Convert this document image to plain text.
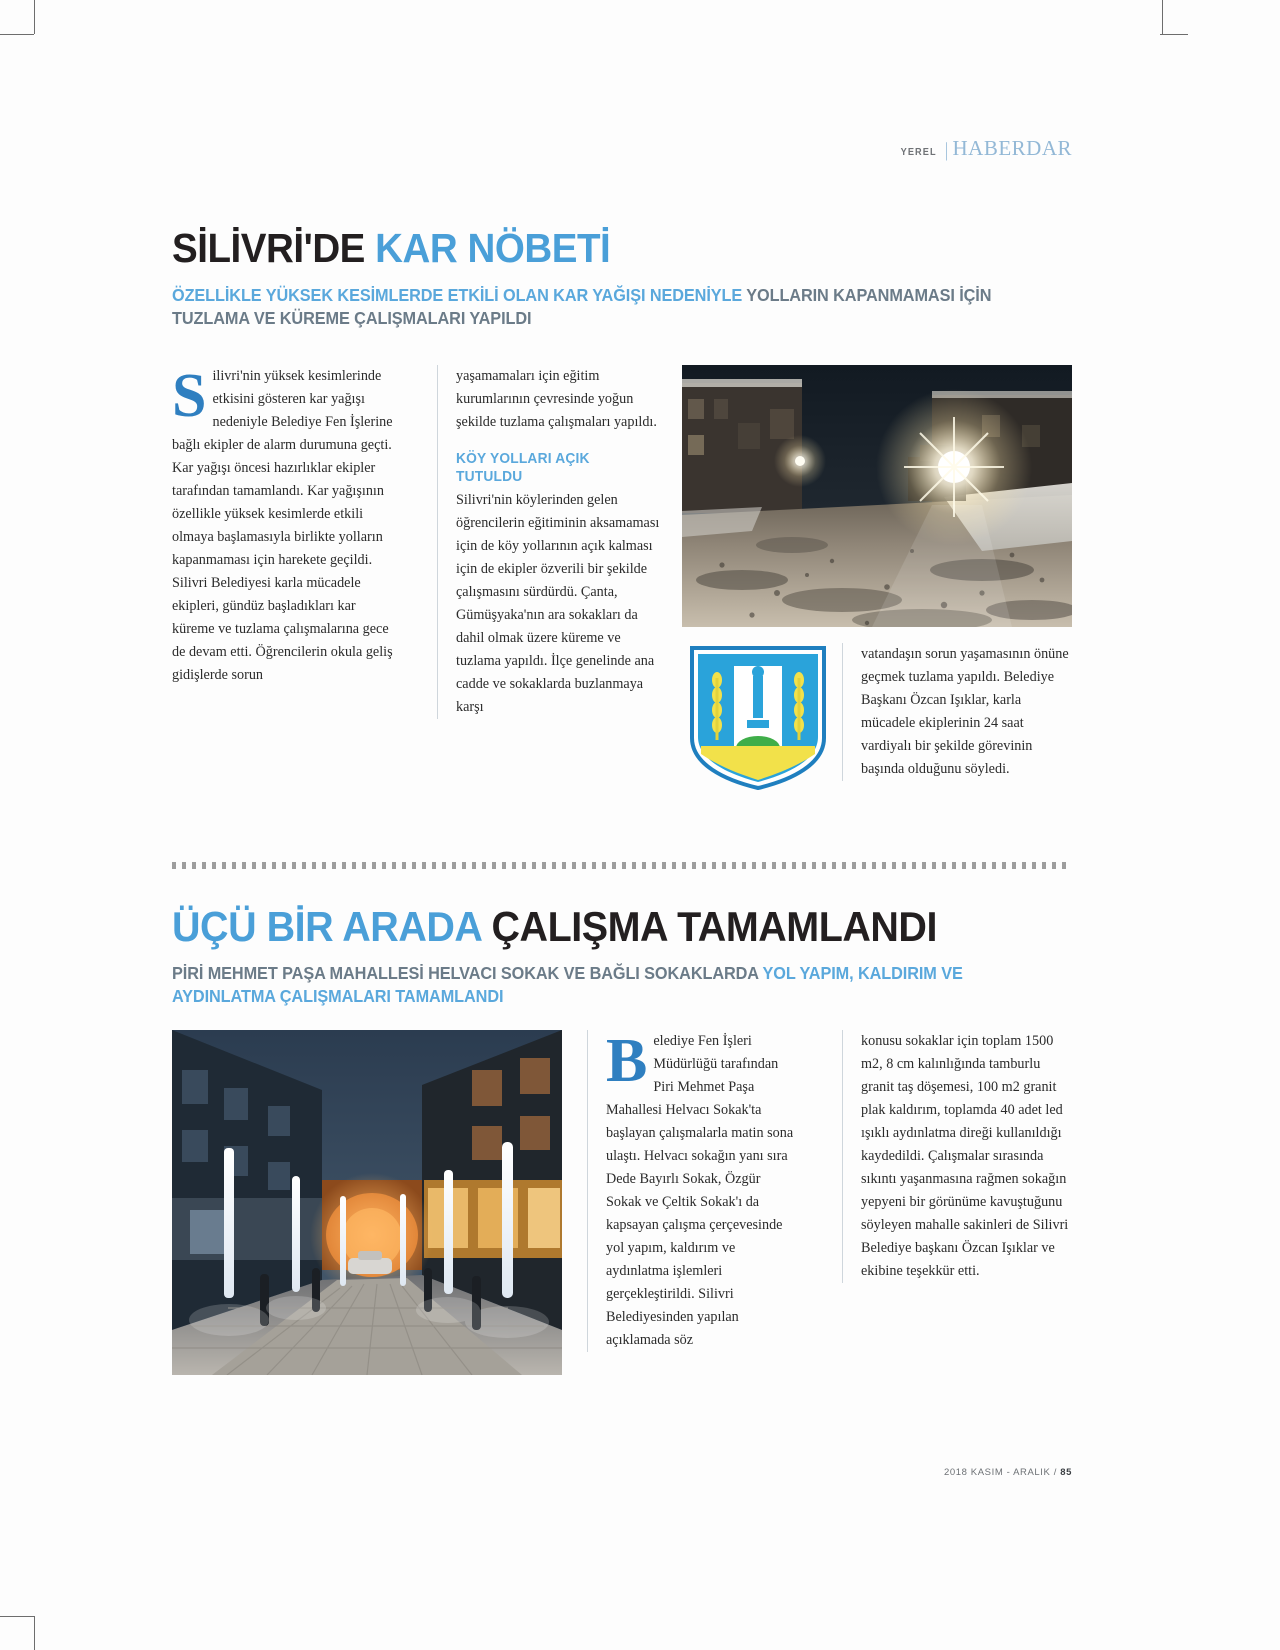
YEREL | HABERDAR
SİLİVRİ'DE KAR NÖBETİ
ÖZELLİKLE YÜKSEK KESİMLERDE ETKİLİ OLAN KAR YAĞIŞI NEDENİYLE YOLLARIN KAPANMAMASI İÇİN TUZLAMA VE KÜREME ÇALIŞMALARI YAPILDI
S ilivri'nin yüksek kesimlerinde etkisini gösteren kar yağışı nedeniyle Belediye Fen İşlerine bağlı ekipler de alarm durumuna geçti. Kar yağışı öncesi hazırlıklar ekipler tarafından tamamlandı. Kar yağışının özellikle yüksek kesimlerde etkili olmaya başlamasıyla birlikte yolların kapanmaması için harekete geçildi. Silivri Belediyesi karla mücadele ekipleri, gündüz başladıkları kar küreme ve tuzlama çalışmalarına gece de devam etti. Öğrencilerin okula geliş gidişlerde sorun
yaşamamaları için eğitim kurumlarının çevresinde yoğun şekilde tuzlama çalışmaları yapıldı.
KÖY YOLLARI AÇIK TUTULDU
Silivri'nin köylerinden gelen öğrencilerin eğitiminin aksamaması için de köy yollarının açık kalması için de ekipler özverili bir şekilde çalışmasını sürdürdü. Çanta, Gümüşyaka'nın ara sokakları da dahil olmak üzere küreme ve tuzlama yapıldı. İlçe genelinde ana cadde ve sokaklarda buzlanmaya karşı
vatandaşın sorun yaşamasının önüne geçmek tuzlama yapıldı. Belediye Başkanı Özcan Işıklar, karla mücadele ekiplerinin 24 saat vardiyalı bir şekilde görevinin başında olduğunu söyledi.
ÜÇÜ BİR ARADA ÇALIŞMA TAMAMLANDI
PİRİ MEHMET PAŞA MAHALLESİ HELVACI SOKAK VE BAĞLI SOKAKLARDA YOL YAPIM, KALDIRIM VE AYDINLATMA ÇALIŞMALARI TAMAMLANDI
B elediye Fen İşleri Müdürlüğü tarafından Piri Mehmet Paşa Mahallesi Helvacı Sokak'ta başlayan çalışmalarla matin sona ulaştı. Helvacı sokağın yanı sıra Dede Bayırlı Sokak, Özgür Sokak ve Çeltik Sokak'ı da kapsayan çalışma çerçevesinde yol yapım, kaldırım ve aydınlatma işlemleri gerçekleştirildi. Silivri Belediyesinden yapılan açıklamada söz
konusu sokaklar için toplam 1500 m2, 8 cm kalınlığında tamburlu granit taş döşemesi, 100 m2 granit plak kaldırım, toplamda 40 adet led ışıklı aydınlatma direği kullanıldığı kaydedildi. Çalışmalar sırasında sıkıntı yaşanmasına rağmen sokağın yepyeni bir görünüme kavuştuğunu söyleyen mahalle sakinleri de Silivri Belediye başkanı Özcan Işıklar ve ekibine teşekkür etti.
2018 KASIM - ARALIK / 85
